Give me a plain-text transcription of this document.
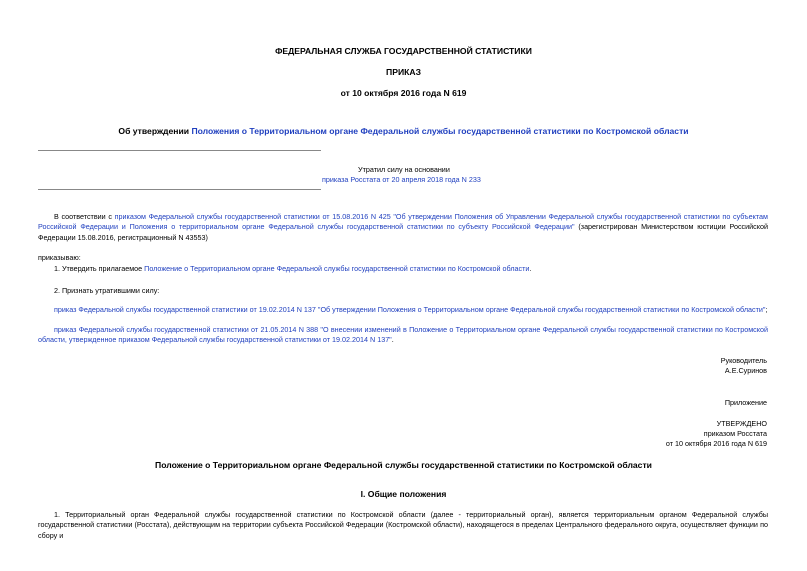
ФЕДЕРАЛЬНАЯ СЛУЖБА ГОСУДАРСТВЕННОЙ СТАТИСТИКИ
ПРИКАЗ
от 10 октября 2016 года N 619
Об утверждении Положения о Территориальном органе Федеральной службы государственной статистики по Костромской области
Утратил силу на основании
приказа Росстата от 20 апреля 2018 года N 233
В соответствии с приказом Федеральной службы государственной статистики от 15.08.2016 N 425 "Об утверждении Положения об Управлении Федеральной службы государственной статистики по субъектам Российской Федерации и Положения о территориальном органе Федеральной службы государственной статистики по субъекту Российской Федерации" (зарегистрирован Министерством юстиции Российской Федерации 15.08.2016, регистрационный N 43553)
приказываю:
1. Утвердить прилагаемое Положение о Территориальном органе Федеральной службы государственной статистики по Костромской области.
2. Признать утратившими силу:
приказ Федеральной службы государственной статистики от 19.02.2014 N 137 "Об утверждении Положения о Территориальном органе Федеральной службы государственной статистики по Костромской области";
приказ Федеральной службы государственной статистики от 21.05.2014 N 388 "О внесении изменений в Положение о Территориальном органе Федеральной службы государственной статистики по Костромской области, утвержденное приказом Федеральной службы государственной статистики от 19.02.2014 N 137".
Руководитель
А.Е.Суринов
Приложение
УТВЕРЖДЕНО
приказом Росстата
от 10 октября 2016 года N 619
Положение о Территориальном органе Федеральной службы государственной статистики по Костромской области
I. Общие положения
1. Территориальный орган Федеральной службы государственной статистики по Костромской области (далее - территориальный орган), является территориальным органом Федеральной службы государственной статистики (Росстата), действующим на территории субъекта Российской Федерации (Костромской области), находящегося в пределах Центрального федерального округа, осуществляет функции по сбору и
